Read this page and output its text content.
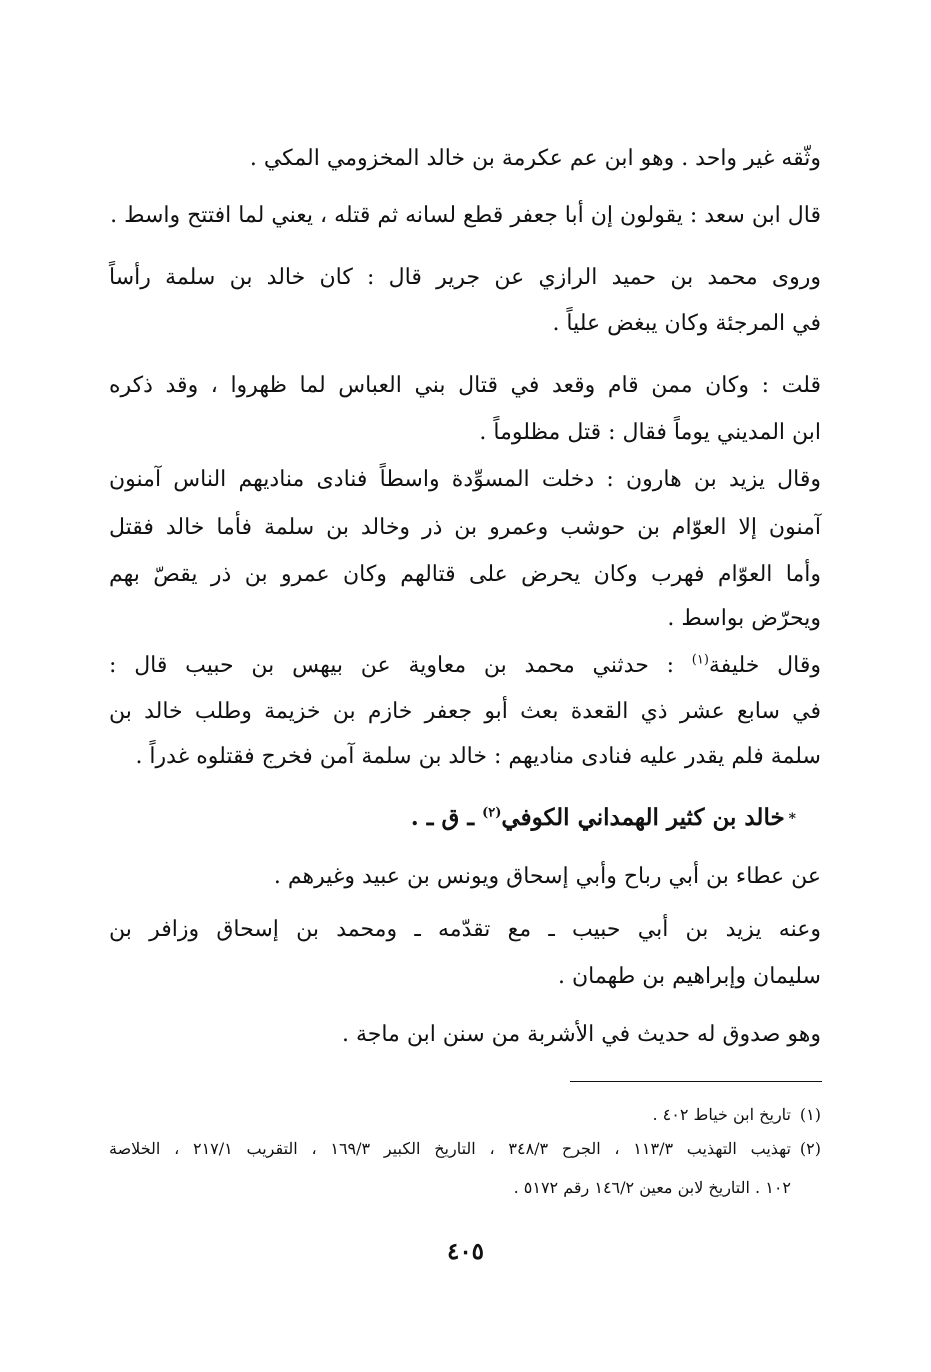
وثّقه غير واحد . وهو ابن عم عكرمة بن خالد المخزومي المكي .
قال ابن سعد : يقولون إن أبا جعفر قطع لسانه ثم قتله ، يعني لما افتتح واسط .
وروى محمد بن حميد الرازي عن جرير قال : كان خالد بن سلمة رأساً
في المرجئة وكان يبغض علياً .
قلت : وكان ممن قام وقعد في قتال بني العباس لما ظهروا ، وقد ذكره
ابن المديني يوماً فقال : قتل مظلوماً .
وقال يزيد بن هارون : دخلت المسوِّدة واسطاً فنادى مناديهم الناس آمنون
آمنون إلا العوّام بن حوشب وعمرو بن ذر وخالد بن سلمة فأما خالد فقتل
وأما العوّام فهرب وكان يحرض على قتالهم وكان عمرو بن ذر يقصّ بهم
ويحرّض بواسط .
وقال خليفة$^{(١)}$ : حدثني محمد بن معاوية عن بيهس بن حبيب قال :
في سابع عشر ذي القعدة بعث أبو جعفر خازم بن خزيمة وطلب خالد بن
سلمة فلم يقدر عليه فنادى مناديهم : خالد بن سلمة آمن فخرج فقتلوه غدراً .
*خالد بن كثير الهمداني الكوفي$^{(٢)}$ ـ ق ـ .
عن عطاء بن أبي رباح وأبي إسحاق ويونس بن عبيد وغيرهم .
وعنه يزيد بن أبي حبيب ـ مع تقدّمه ـ ومحمد بن إسحاق وزافر بن
سليمان وإبراهيم بن طهمان .
وهو صدوق له حديث في الأشربة من سنن ابن ماجة .
(١)تاريخ ابن خياط ٤٠٢ .
(٢)تهذيب التهذيب ١١٣/٣ ، الجرح ٣٤٨/٣ ، التاريخ الكبير ١٦٩/٣ ، التقريب ٢١٧/١ ، الخلاصة
١٠٢ . التاريخ لابن معين ١٤٦/٢ رقم ٥١٧٢ .
٤٠٥
